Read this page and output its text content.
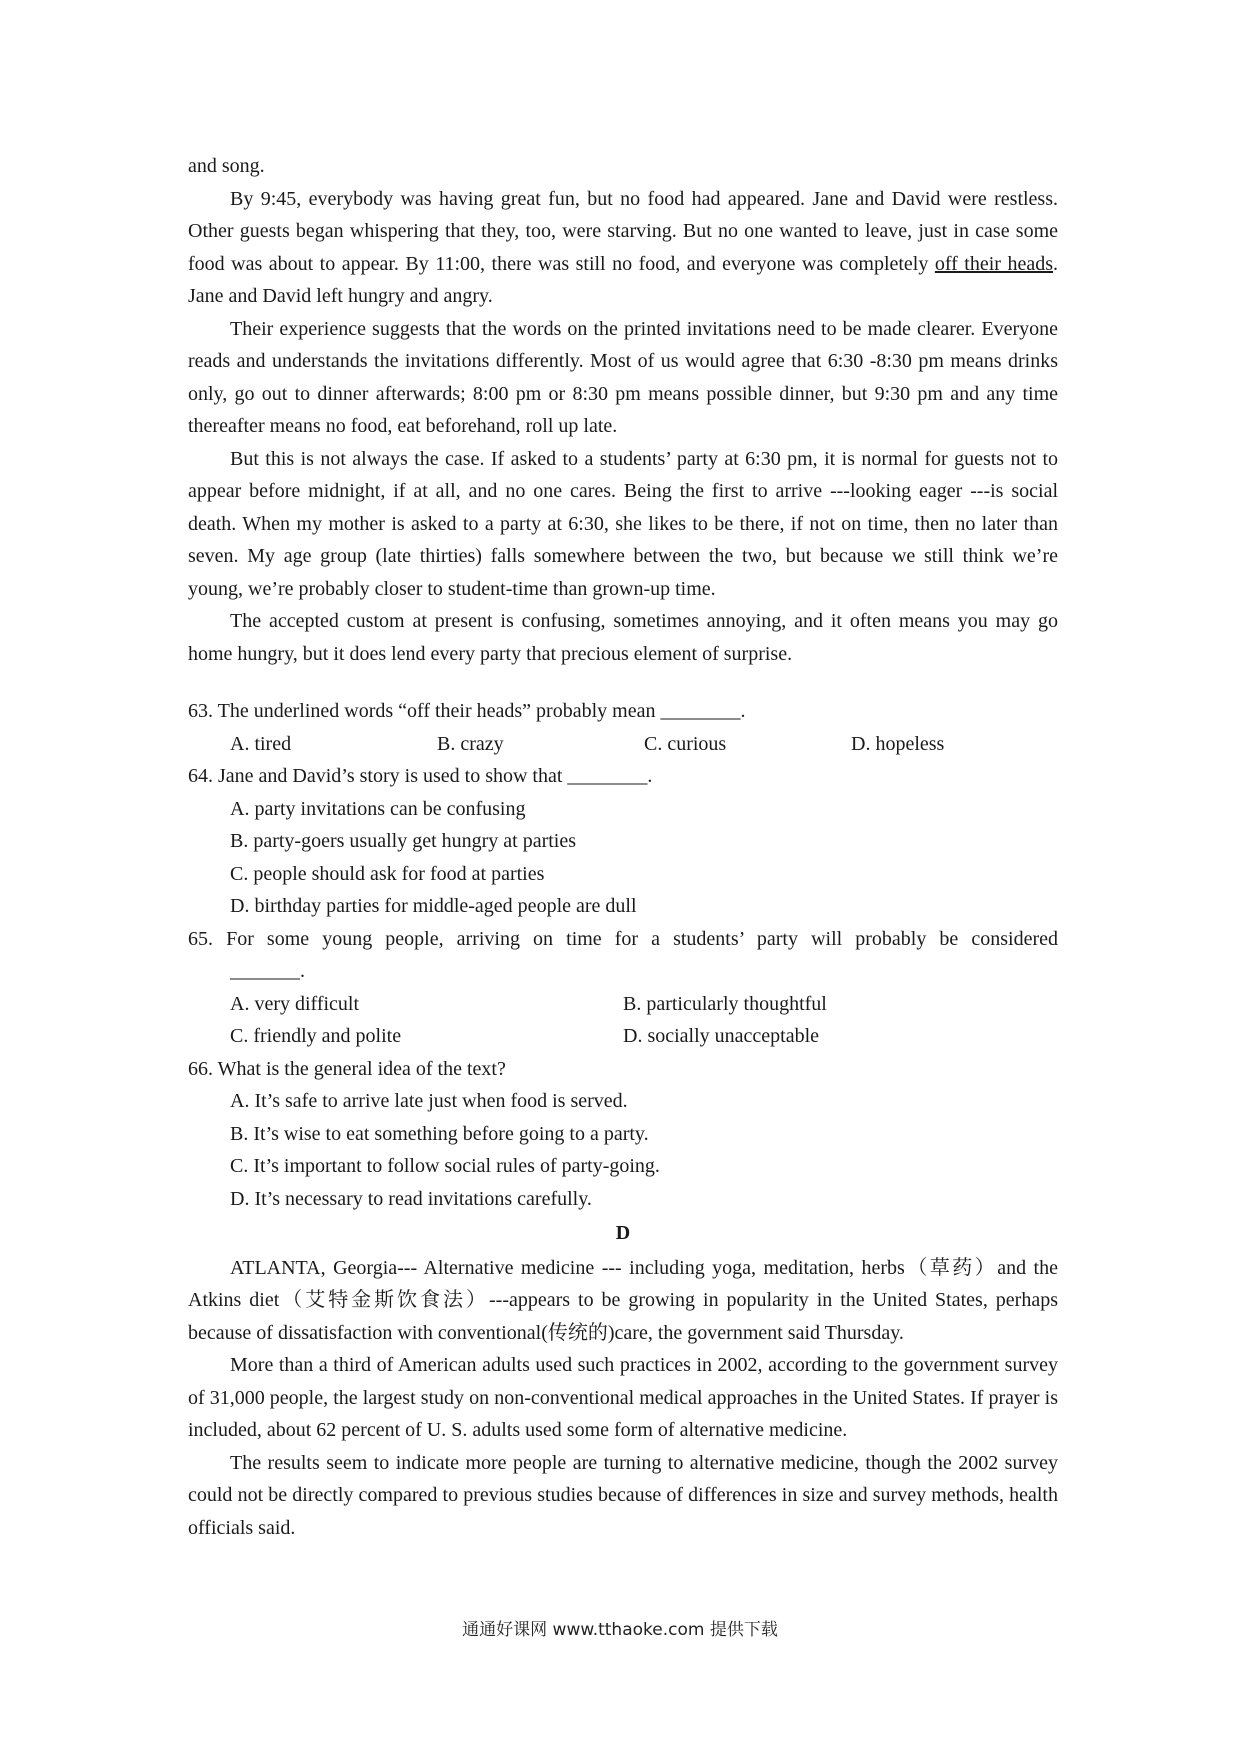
and song.

By 9:45, everybody was having great fun, but no food had appeared. Jane and David were restless. Other guests began whispering that they, too, were starving. But no one wanted to leave, just in case some food was about to appear. By 11:00, there was still no food, and everyone was completely off their heads. Jane and David left hungry and angry.

Their experience suggests that the words on the printed invitations need to be made clearer. Everyone reads and understands the invitations differently. Most of us would agree that 6:30 -8:30 pm means drinks only, go out to dinner afterwards; 8:00 pm or 8:30 pm means possible dinner, but 9:30 pm and any time thereafter means no food, eat beforehand, roll up late.

But this is not always the case. If asked to a students’ party at 6:30 pm, it is normal for guests not to appear before midnight, if at all, and no one cares. Being the first to arrive ---looking eager ---is social death. When my mother is asked to a party at 6:30, she likes to be there, if not on time, then no later than seven. My age group (late thirties) falls somewhere between the two, but because we still think we’re young, we’re probably closer to student-time than grown-up time.

The accepted custom at present is confusing, sometimes annoying, and it often means you may go home hungry, but it does lend every party that precious element of surprise.

63. The underlined words “off their heads” probably mean ________.

A. tired	B. crazy	C. curious	D. hopeless

64. Jane and David’s story is used to show that ________.

A. party invitations can be confusing

B. party-goers usually get hungry at parties

C. people should ask for food at parties

D. birthday parties for middle-aged people are dull

65. For some young people, arriving on time for a students’ party will probably be considered

_______.

A. very difficult	B. particularly thoughtful
C. friendly and polite	D. socially unacceptable

66. What is the general idea of the text?

A. It’s safe to arrive late just when food is served.

B. It’s wise to eat something before going to a party.

C. It’s important to follow social rules of party-going.

D. It’s necessary to read invitations carefully.

D

ATLANTA, Georgia--- Alternative medicine --- including yoga, meditation, herbs（草药）and the Atkins diet（艾特金斯饮食法）---appears to be growing in popularity in the United States, perhaps because of dissatisfaction with conventional(传统的)care, the government said Thursday.

More than a third of American adults used such practices in 2002, according to the government survey of 31,000 people, the largest study on non-conventional medical approaches in the United States. If prayer is included, about 62 percent of U. S. adults used some form of alternative medicine.

The results seem to indicate more people are turning to alternative medicine, though the 2002 survey could not be directly compared to previous studies because of differences in size and survey methods, health officials said.

通通好课网 www.tthaoke.com 提供下载
